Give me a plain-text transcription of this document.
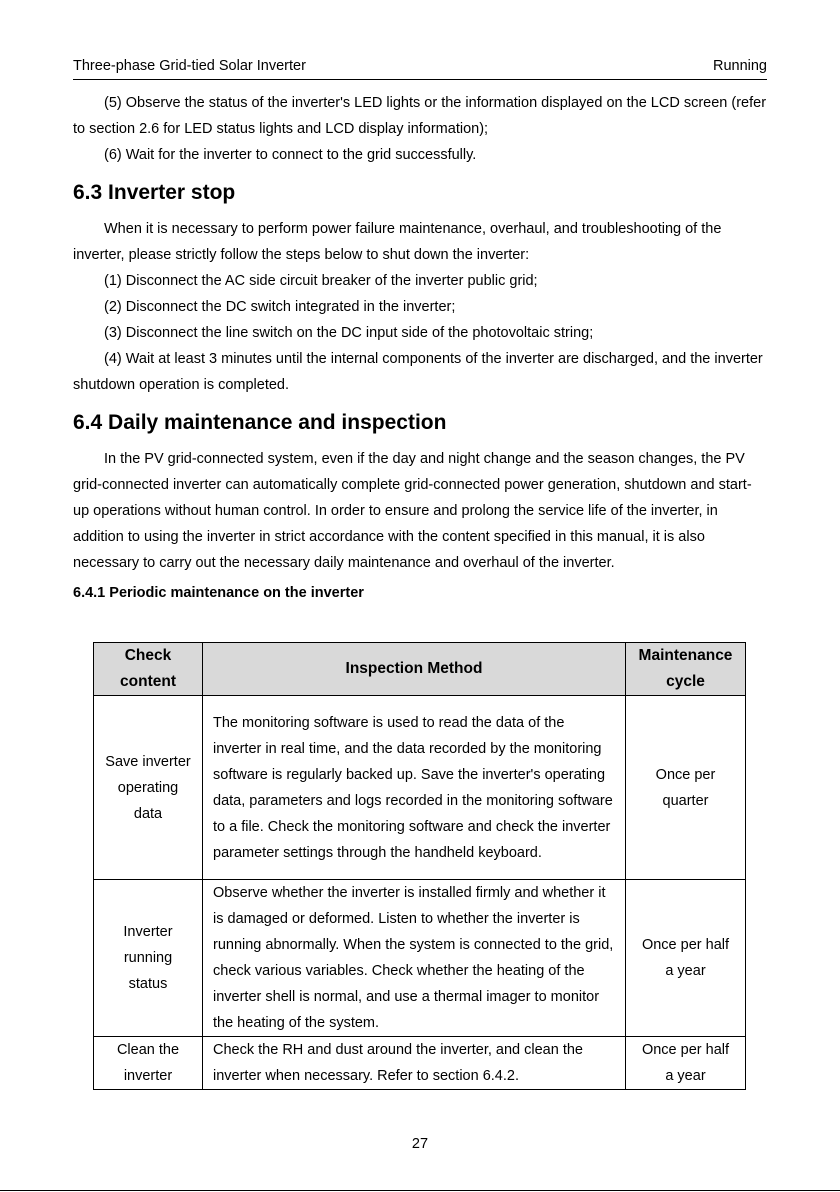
Three-phase Grid-tied Solar Inverter	Running

(5) Observe the status of the inverter's LED lights or the information displayed on the LCD screen (refer to section 2.6 for LED status lights and LCD display information);

(6) Wait for the inverter to connect to the grid successfully.

6.3 Inverter stop

When it is necessary to perform power failure maintenance, overhaul, and troubleshooting of the inverter, please strictly follow the steps below to shut down the inverter:

(1) Disconnect the AC side circuit breaker of the inverter public grid;

(2) Disconnect the DC switch integrated in the inverter;

(3) Disconnect the line switch on the DC input side of the photovoltaic string;

(4) Wait at least 3 minutes until the internal components of the inverter are discharged, and the inverter shutdown operation is completed.

6.4 Daily maintenance and inspection

In the PV grid-connected system, even if the day and night change and the season changes, the PV grid-connected inverter can automatically complete grid-connected power generation, shutdown and start-up operations without human control. In order to ensure and prolong the service life of the inverter, in addition to using the inverter in strict accordance with the content specified in this manual, it is also necessary to carry out the necessary daily maintenance and overhaul of the inverter.

6.4.1 Periodic maintenance on the inverter
Check content	Inspection Method	Maintenance cycle
Save inverter operating data	The monitoring software is used to read the data of the inverter in real time, and the data recorded by the monitoring software is regularly backed up. Save the inverter's operating data, parameters and logs recorded in the monitoring software to a file. Check the monitoring software and check the inverter parameter settings through the handheld keyboard.	Once per quarter
Inverter running status	Observe whether the inverter is installed firmly and whether it is damaged or deformed. Listen to whether the inverter is running abnormally. When the system is connected to the grid, check various variables. Check whether the heating of the inverter shell is normal, and use a thermal imager to monitor the heating of the system.	Once per half a year
Clean the inverter	Check the RH and dust around the inverter, and clean the inverter when necessary. Refer to section 6.4.2.	Once per half a year
27
